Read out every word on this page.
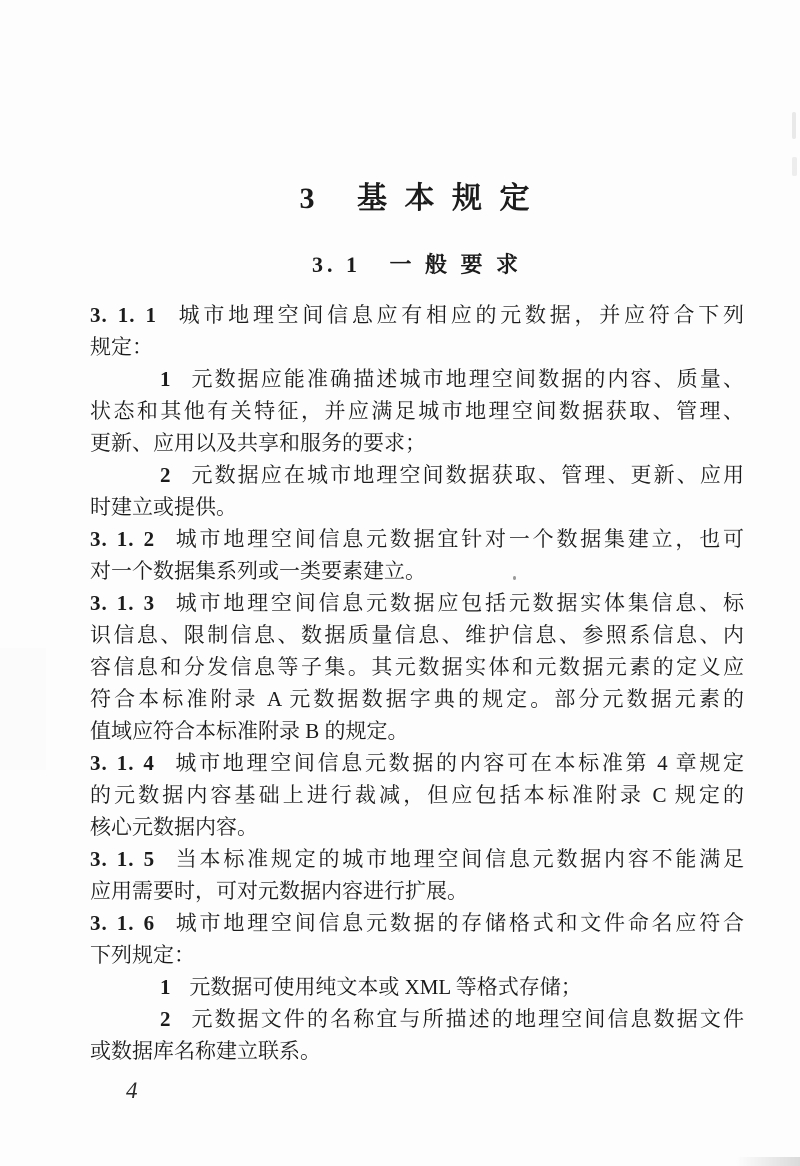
3   基 本 规 定
3. 1   一 般 要 求
3. 1. 1 城市地理空间信息应有相应的元数据，并应符合下列
规定：
1 元数据应能准确描述城市地理空间数据的内容、质量、
状态和其他有关特征，并应满足城市地理空间数据获取、管理、
更新、应用以及共享和服务的要求；
2 元数据应在城市地理空间数据获取、管理、更新、应用
时建立或提供。
3. 1. 2 城市地理空间信息元数据宜针对一个数据集建立，也可
对一个数据集系列或一类要素建立。
3. 1. 3 城市地理空间信息元数据应包括元数据实体集信息、标
识信息、限制信息、数据质量信息、维护信息、参照系信息、内
容信息和分发信息等子集。其元数据实体和元数据元素的定义应
符合本标准附录 A 元数据数据字典的规定。部分元数据元素的
值域应符合本标准附录 B 的规定。
3. 1. 4 城市地理空间信息元数据的内容可在本标准第 4 章规定
的元数据内容基础上进行裁减，但应包括本标准附录 C 规定的
核心元数据内容。
3. 1. 5 当本标准规定的城市地理空间信息元数据内容不能满足
应用需要时，可对元数据内容进行扩展。
3. 1. 6 城市地理空间信息元数据的存储格式和文件命名应符合
下列规定：
1 元数据可使用纯文本或 XML 等格式存储；
2 元数据文件的名称宜与所描述的地理空间信息数据文件
或数据库名称建立联系。
4
